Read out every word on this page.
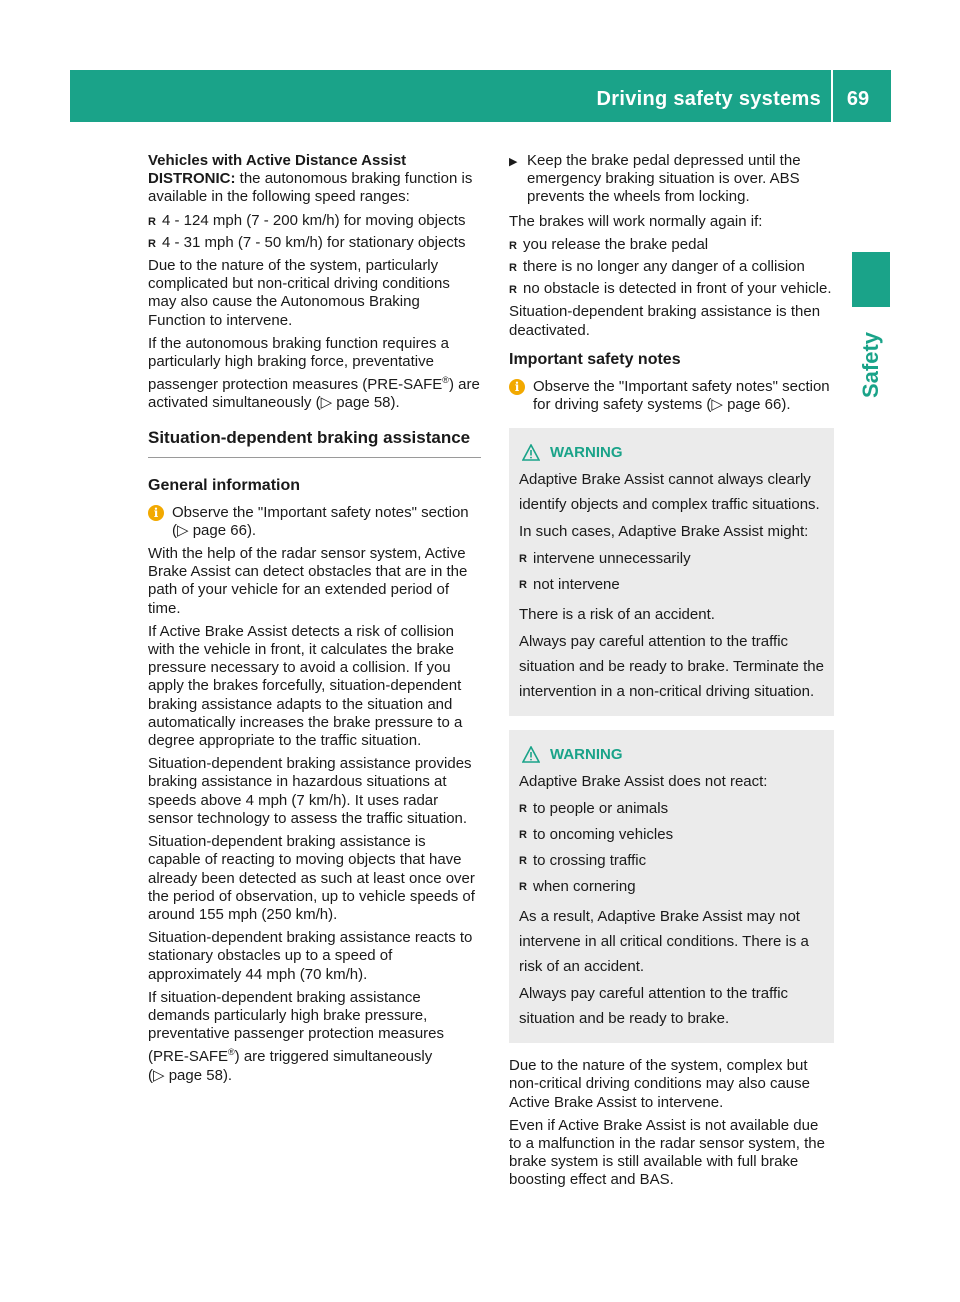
Driving safety systems	69
Safety

Vehicles with Active Distance Assist DISTRONIC: the autonomous braking function is available in the following speed ranges:

R 4 - 124 mph (7 - 200 km/h) for moving objects
R 4 - 31 mph (7 - 50 km/h) for stationary objects

Due to the nature of the system, particularly complicated but non-critical driving conditions may also cause the Autonomous Braking Function to intervene.

If the autonomous braking function requires a particularly high braking force, preventative passenger protection measures (PRE-SAFE®) are activated simultaneously (▷ page 58).

Situation-dependent braking assistance
General information
i Observe the "Important safety notes" section (▷ page 66).

With the help of the radar sensor system, Active Brake Assist can detect obstacles that are in the path of your vehicle for an extended period of time.

If Active Brake Assist detects a risk of collision with the vehicle in front, it calculates the brake pressure necessary to avoid a collision. If you apply the brakes forcefully, situation-dependent braking assistance adapts to the situation and automatically increases the brake pressure to a degree appropriate to the traffic situation.

Situation-dependent braking assistance provides braking assistance in hazardous situations at speeds above 4 mph (7 km/h). It uses radar sensor technology to assess the traffic situation.

Situation-dependent braking assistance is capable of reacting to moving objects that have already been detected as such at least once over the period of observation, up to vehicle speeds of around 155 mph (250 km/h).

Situation-dependent braking assistance reacts to stationary obstacles up to a speed of approximately 44 mph (70 km/h).

If situation-dependent braking assistance demands particularly high brake pressure, preventative passenger protection measures (PRE-SAFE®) are triggered simultaneously (▷ page 58).

▶ Keep the brake pedal depressed until the emergency braking situation is over. ABS prevents the wheels from locking.

The brakes will work normally again if:

R you release the brake pedal
R there is no longer any danger of a collision
R no obstacle is detected in front of your vehicle.

Situation-dependent braking assistance is then deactivated.

Important safety notes
i Observe the "Important safety notes" section for driving safety systems (▷ page 66).
WARNING

Adaptive Brake Assist cannot always clearly identify objects and complex traffic situations.

In such cases, Adaptive Brake Assist might:

R intervene unnecessarily
R not intervene

There is a risk of an accident.

Always pay careful attention to the traffic situation and be ready to brake. Terminate the intervention in a non-critical driving situation.

WARNING

Adaptive Brake Assist does not react:

R to people or animals
R to oncoming vehicles
R to crossing traffic
R when cornering

As a result, Adaptive Brake Assist may not intervene in all critical conditions. There is a risk of an accident.

Always pay careful attention to the traffic situation and be ready to brake.

Due to the nature of the system, complex but non-critical driving conditions may also cause Active Brake Assist to intervene.

Even if Active Brake Assist is not available due to a malfunction in the radar sensor system, the brake system is still available with full brake boosting effect and BAS.
